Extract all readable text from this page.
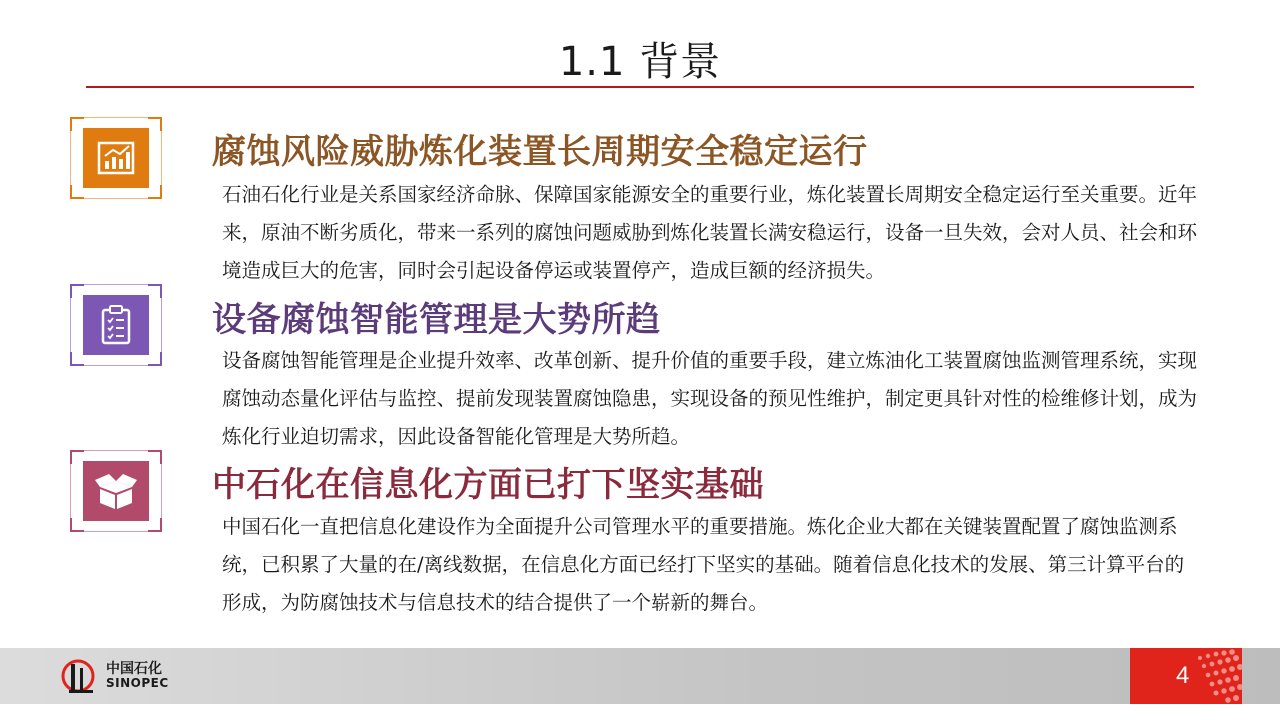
1.1 背景
腐蚀风险威胁炼化装置长周期安全稳定运行
石油石化行业是关系国家经济命脉、保障国家能源安全的重要行业，炼化装置长周期安全稳定运行至关重要。近年来，原油不断劣质化，带来一系列的腐蚀问题威胁到炼化装置长满安稳运行，设备一旦失效，会对人员、社会和环境造成巨大的危害，同时会引起设备停运或装置停产，造成巨额的经济损失。
设备腐蚀智能管理是大势所趋
设备腐蚀智能管理是企业提升效率、改革创新、提升价值的重要手段，建立炼油化工装置腐蚀监测管理系统，实现腐蚀动态量化评估与监控、提前发现装置腐蚀隐患，实现设备的预见性维护，制定更具针对性的检维修计划，成为炼化行业迫切需求，因此设备智能化管理是大势所趋。
中石化在信息化方面已打下坚实基础
中国石化一直把信息化建设作为全面提升公司管理水平的重要措施。炼化企业大都在关键装置配置了腐蚀监测系统，已积累了大量的在/离线数据，在信息化方面已经打下坚实的基础。随着信息化技术的发展、第三计算平台的形成，为防腐蚀技术与信息技术的结合提供了一个崭新的舞台。
中国石化
SINOPEC	4
